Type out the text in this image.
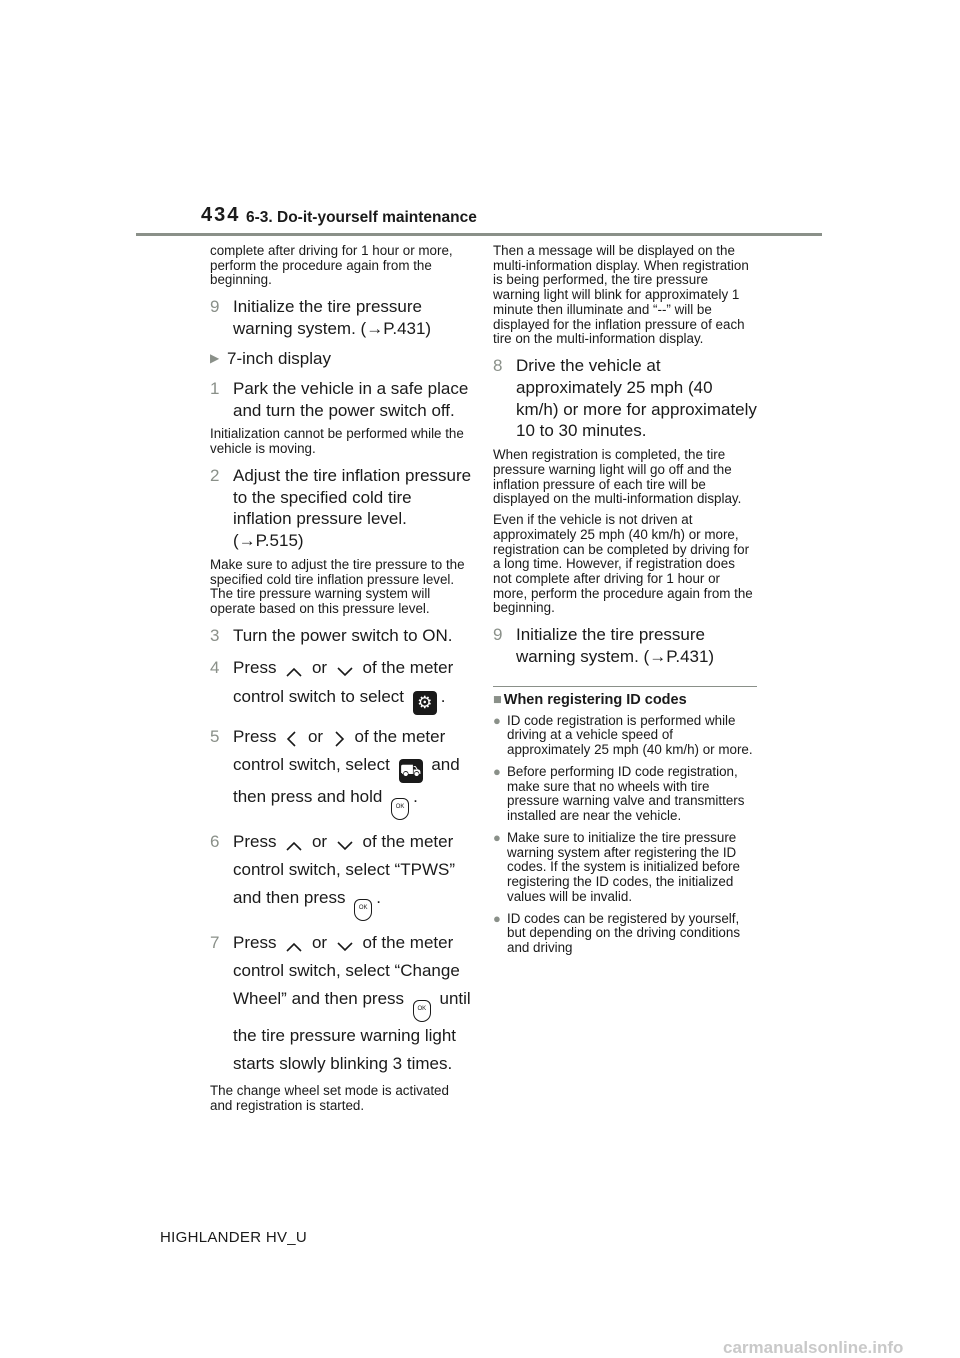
434 6-3. Do-it-yourself maintenance

complete after driving for 1 hour or more, perform the procedure again from the beginning.

9 Initialize the tire pressure warning system. (→P.431)
▶ 7-inch display
1 Park the vehicle in a safe place and turn the power switch off.

Initialization cannot be performed while the vehicle is moving.

2 Adjust the tire inflation pressure to the specified cold tire inflation pressure level. (→P.515)

Make sure to adjust the tire pressure to the specified cold tire inflation pressure level. The tire pressure warning system will operate based on this pressure level.

3 Turn the power switch to ON.
4 Press or of the meter control switch to select ⚙ .
5 Press or of the meter control switch, select ⛟ and then press and hold OK.
6 Press or of the meter control switch, select “TPWS” and then press OK.
7 Press or of the meter control switch, select “Change Wheel” and then press OK until the tire pressure warning light starts slowly blinking 3 times.

The change wheel set mode is activated and registration is started.

Then a message will be displayed on the multi-information display. When registration is being performed, the tire pressure warning light will blink for approximately 1 minute then illuminate and “--” will be displayed for the inflation pressure of each tire on the multi-information display.

8 Drive the vehicle at approximately 25 mph (40 km/h) or more for approximately 10 to 30 minutes.

When registration is completed, the tire pressure warning light will go off and the inflation pressure of each tire will be displayed on the multi-information display.

Even if the vehicle is not driven at approximately 25 mph (40 km/h) or more, registration can be completed by driving for a long time. However, if registration does not complete after driving for 1 hour or more, perform the procedure again from the beginning.

9 Initialize the tire pressure warning system. (→P.431)
■ When registering ID codes
● ID code registration is performed while driving at a vehicle speed of approximately 25 mph (40 km/h) or more.
● Before performing ID code registration, make sure that no wheels with tire pressure warning valve and transmitters installed are near the vehicle.
● Make sure to initialize the tire pressure warning system after registering the ID codes. If the system is initialized before registering the ID codes, the initialized values will be invalid.
● ID codes can be registered by yourself, but depending on the driving conditions and driving
HIGHLANDER HV_U
carmanualsonline.info
